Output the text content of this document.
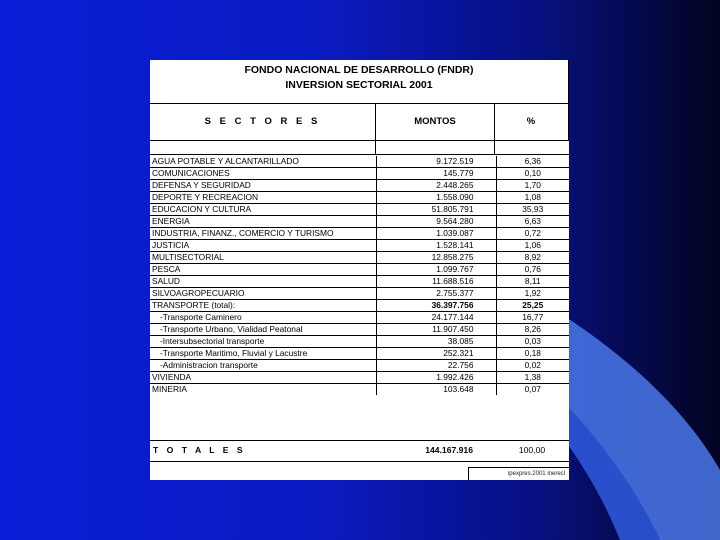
FONDO NACIONAL DE DESARROLLO (FNDR)
INVERSION SECTORIAL 2001
S E C T O R E S	MONTOS	%
AGUA POTABLE Y ALCANTARILLADO	9.172.519	6,36
COMUNICACIONES	145.779	0,10
DEFENSA Y SEGURIDAD	2.448.265	1,70
DEPORTE Y RECREACION	1.558.090	1,08
EDUCACION Y CULTURA	51.805.791	35,93
ENERGIA	9.564.280	6,63
INDUSTRIA, FINANZ., COMERCIO Y TURISMO	1.039.087	0,72
JUSTICIA	1.528.141	1,06
MULTISECTORIAL	12.858.275	8,92
PESCA	1.099.767	0,76
SALUD	11.688.516	8,11
SILVOAGROPECUARIO	2.755.377	1,92
TRANSPORTE (total):	36.397.756	25,25
-Transporte Caminero	24.177.144	16,77
-Transporte Urbano, Vialidad Peatonal	11.907.450	8,26
-Intersubsectorial transporte	38.085	0,03
-Transporte Maritimo, Fluvial y Lacustre	252.321	0,18
-Administracion transporte	22.756	0,02
VIVIENDA	1.992.426	1,38
MINERIA	103.648	0,07
T O T A L E S	144.167.916	100,00
ipexpres.2001 inerecl
